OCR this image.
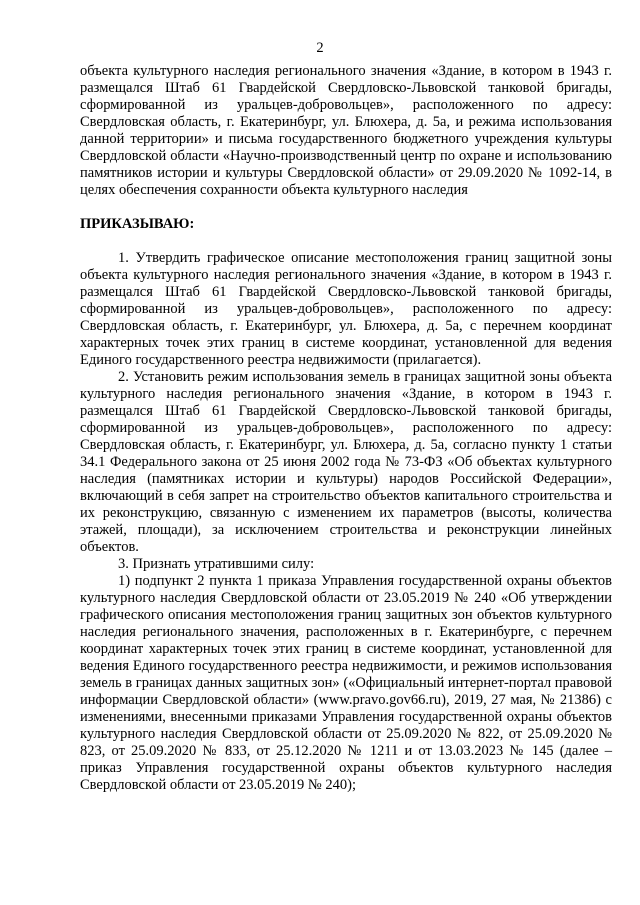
2

объекта культурного наследия регионального значения «Здание, в котором в 1943 г. размещался Штаб 61 Гвардейской Свердловско-Львовской танковой бригады, сформированной из уральцев-добровольцев», расположенного по адресу: Свердловская область, г. Екатеринбург, ул. Блюхера, д. 5а, и режима использования данной территории» и письма государственного бюджетного учреждения культуры Свердловской области «Научно-производственный центр по охране и использованию памятников истории и культуры Свердловской области» от 29.09.2020 № 1092-14, в целях обеспечения сохранности объекта культурного наследия

ПРИКАЗЫВАЮ:

1. Утвердить графическое описание местоположения границ защитной зоны объекта культурного наследия регионального значения «Здание, в котором в 1943 г. размещался Штаб 61 Гвардейской Свердловско-Львовской танковой бригады, сформированной из уральцев-добровольцев», расположенного по адресу: Свердловская область, г. Екатеринбург, ул. Блюхера, д. 5а, с перечнем координат характерных точек этих границ в системе координат, установленной для ведения Единого государственного реестра недвижимости (прилагается).

2. Установить режим использования земель в границах защитной зоны объекта культурного наследия регионального значения «Здание, в котором в 1943 г. размещался Штаб 61 Гвардейской Свердловско-Львовской танковой бригады, сформированной из уральцев-добровольцев», расположенного по адресу: Свердловская область, г. Екатеринбург, ул. Блюхера, д. 5а, согласно пункту 1 статьи 34.1 Федерального закона от 25 июня 2002 года № 73-ФЗ «Об объектах культурного наследия (памятниках истории и культуры) народов Российской Федерации», включающий в себя запрет на строительство объектов капитального строительства и их реконструкцию, связанную с изменением их параметров (высоты, количества этажей, площади), за исключением строительства и реконструкции линейных объектов.

3. Признать утратившими силу:

1) подпункт 2 пункта 1 приказа Управления государственной охраны объектов культурного наследия Свердловской области от 23.05.2019 № 240 «Об утверждении графического описания местоположения границ защитных зон объектов культурного наследия регионального значения, расположенных в г. Екатеринбурге, с перечнем координат характерных точек этих границ в системе координат, установленной для ведения Единого государственного реестра недвижимости, и режимов использования земель в границах данных защитных зон» («Официальный интернет-портал правовой информации Свердловской области» (www.pravo.gov66.ru), 2019, 27 мая, № 21386) с изменениями, внесенными приказами Управления государственной охраны объектов культурного наследия Свердловской области от 25.09.2020 № 822, от 25.09.2020 № 823, от 25.09.2020 № 833, от 25.12.2020 № 1211 и от 13.03.2023 № 145 (далее – приказ Управления государственной охраны объектов культурного наследия Свердловской области от 23.05.2019 № 240);
